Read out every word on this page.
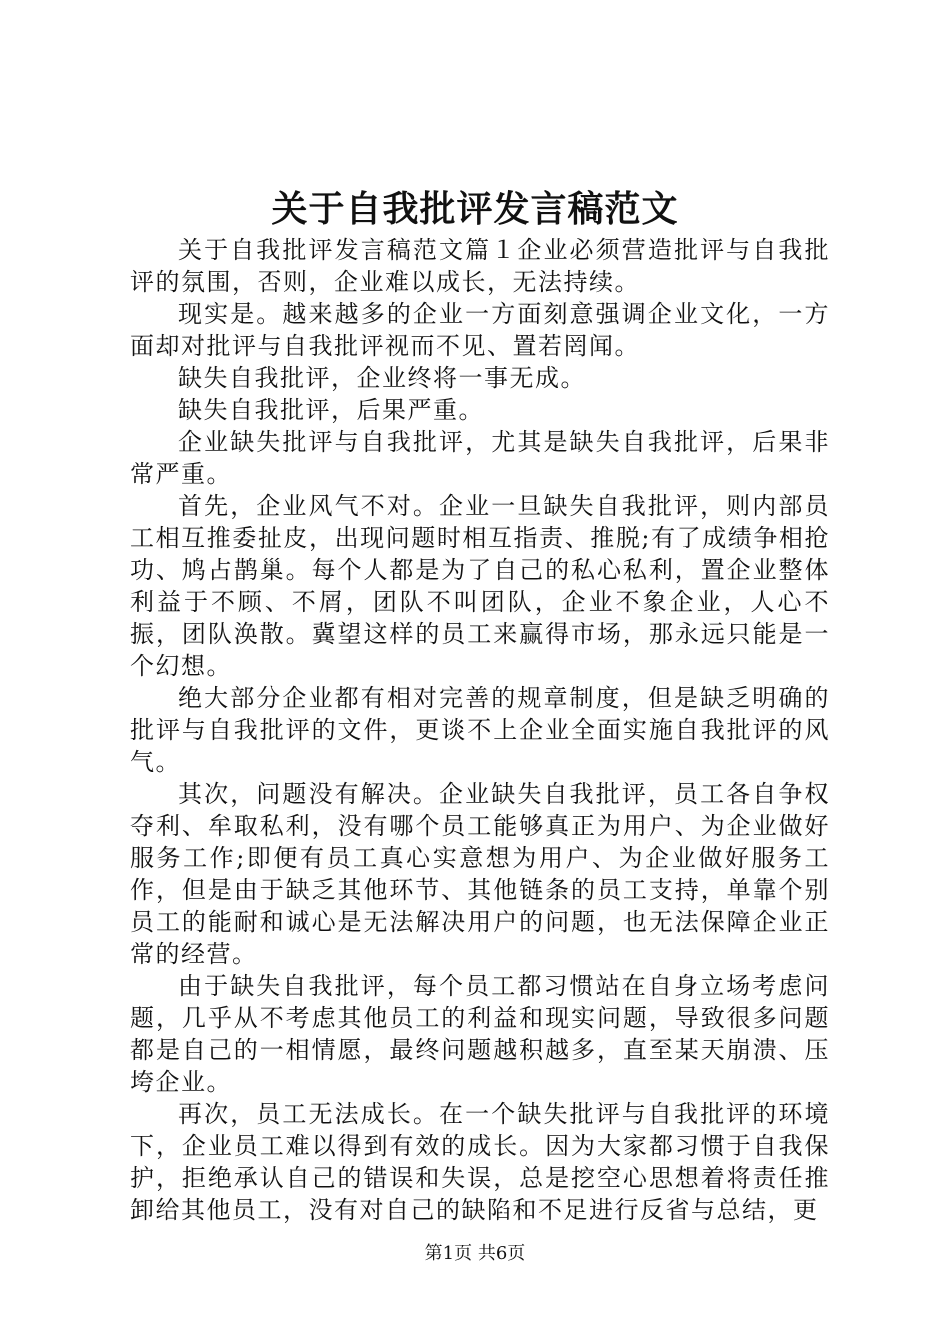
关于自我批评发言稿范文

关于自我批评发言稿范文篇１企业必须营造批评与自我批评的氛围，否则，企业难以成长，无法持续。

现实是。越来越多的企业一方面刻意强调企业文化，一方面却对批评与自我批评视而不见、置若罔闻。

缺失自我批评，企业终将一事无成。

缺失自我批评，后果严重。

企业缺失批评与自我批评，尤其是缺失自我批评，后果非常严重。

首先，企业风气不对。企业一旦缺失自我批评，则内部员工相互推委扯皮，出现问题时相互指责、推脱;有了成绩争相抢功、鸠占鹊巢。每个人都是为了自己的私心私利，置企业整体利益于不顾、不屑，团队不叫团队，企业不象企业，人心不振，团队涣散。冀望这样的员工来赢得市场，那永远只能是一个幻想。

绝大部分企业都有相对完善的规章制度，但是缺乏明确的批评与自我批评的文件，更谈不上企业全面实施自我批评的风气。

其次，问题没有解决。企业缺失自我批评，员工各自争权夺利、牟取私利，没有哪个员工能够真正为用户、为企业做好服务工作;即便有员工真心实意想为用户、为企业做好服务工作，但是由于缺乏其他环节、其他链条的员工支持，单靠个别员工的能耐和诚心是无法解决用户的问题，也无法保障企业正常的经营。

由于缺失自我批评，每个员工都习惯站在自身立场考虑问题，几乎从不考虑其他员工的利益和现实问题，导致很多问题都是自己的一相情愿，最终问题越积越多，直至某天崩溃、压垮企业。

再次，员工无法成长。在一个缺失批评与自我批评的环境下，企业员工难以得到有效的成长。因为大家都习惯于自我保护，拒绝承认自己的错误和失误，总是挖空心思想着将责任推卸给其他员工，没有对自己的缺陷和不足进行反省与总结，更

第1页 共6页
